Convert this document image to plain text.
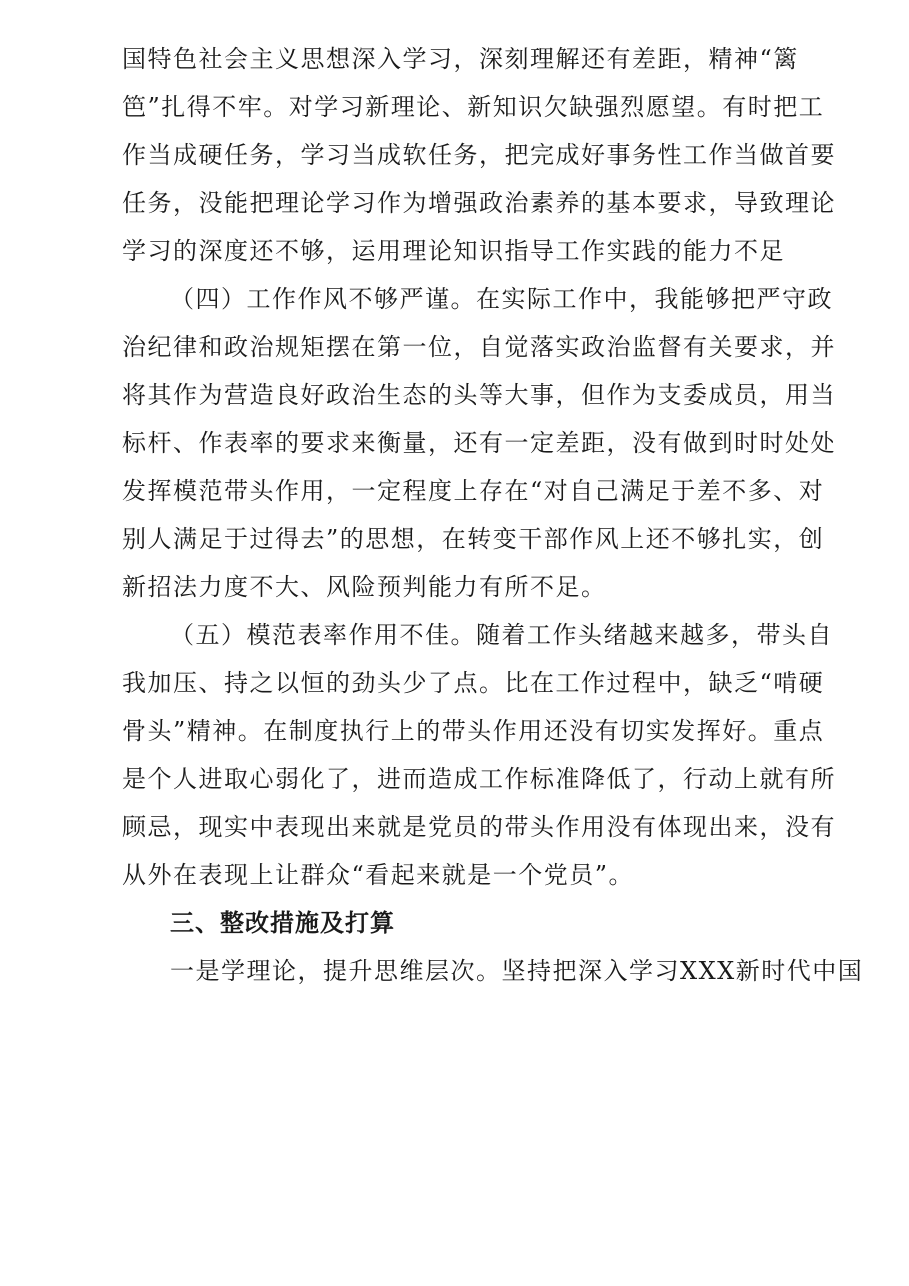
国特色社会主义思想深入学习，深刻理解还有差距，精神“篱
笆”扎得不牢。对学习新理论、新知识欠缺强烈愿望。有时把工
作当成硬任务，学习当成软任务，把完成好事务性工作当做首要
任务，没能把理论学习作为增强政治素养的基本要求，导致理论
学习的深度还不够，运用理论知识指导工作实践的能力不足
（四）工作作风不够严谨。在实际工作中，我能够把严守政
治纪律和政治规矩摆在第一位，自觉落实政治监督有关要求，并
将其作为营造良好政治生态的头等大事，但作为支委成员，用当
标杆、作表率的要求来衡量，还有一定差距，没有做到时时处处
发挥模范带头作用，一定程度上存在“对自己满足于差不多、对
别人满足于过得去”的思想，在转变干部作风上还不够扎实，创
新招法力度不大、风险预判能力有所不足。
（五）模范表率作用不佳。随着工作头绪越来越多，带头自
我加压、持之以恒的劲头少了点。比在工作过程中，缺乏“啃硬
骨头”精神。在制度执行上的带头作用还没有切实发挥好。重点
是个人进取心弱化了，进而造成工作标准降低了，行动上就有所
顾忌，现实中表现出来就是党员的带头作用没有体现出来，没有
从外在表现上让群众“看起来就是一个党员”。
三、整改措施及打算
一是学理论，提升思维层次。坚持把深入学习XXX新时代中国
